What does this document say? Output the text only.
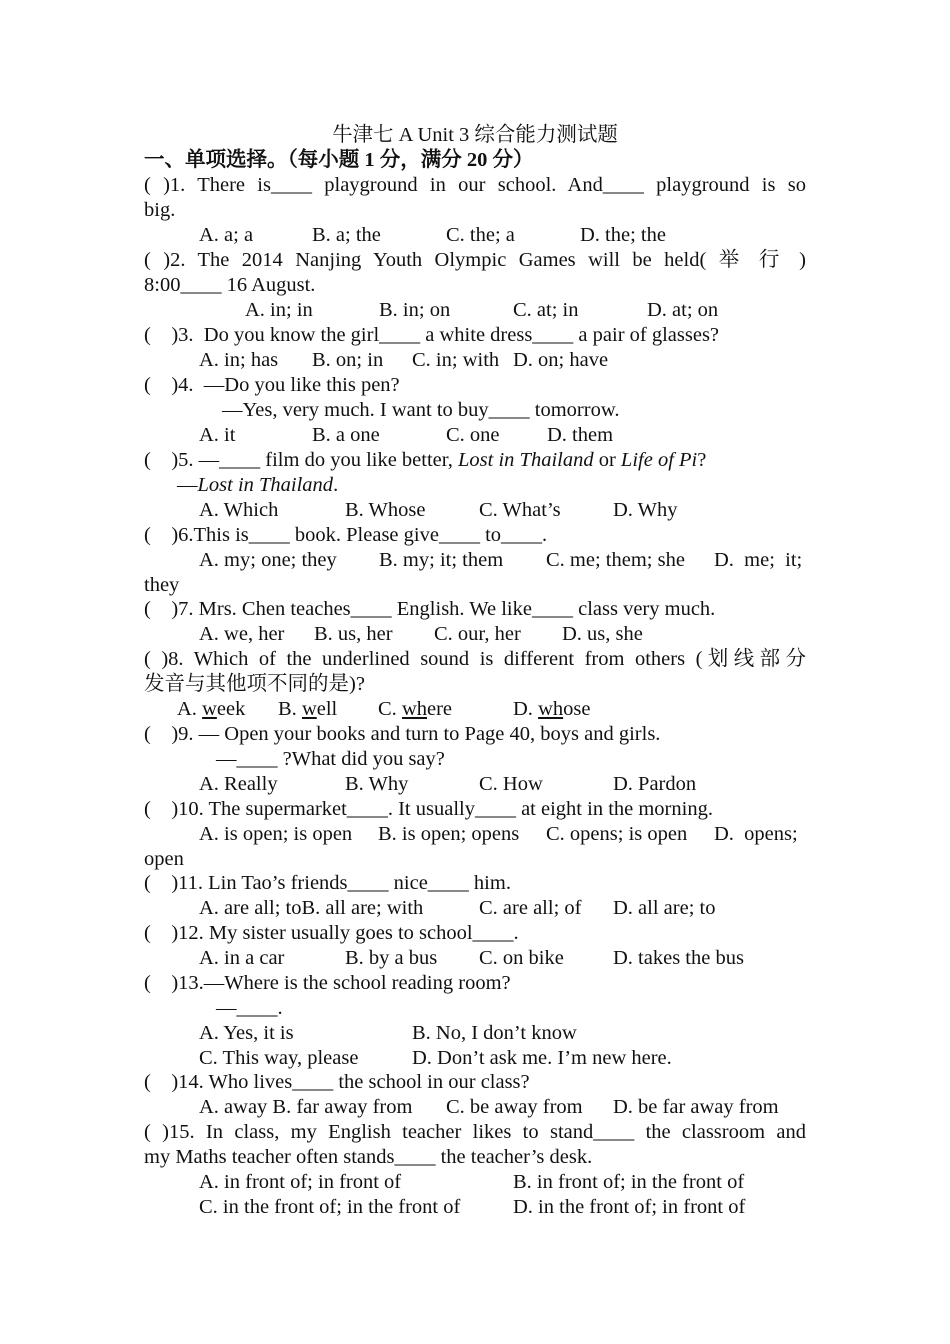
牛津七 A Unit 3 综合能力测试题
一、单项选择。（每小题 1 分，满分 20 分）
( )1. There is____ playground in our school. And____ playground is so
big.
A. a; a	B. a; the	C. the; a	D. the; the
( )2. The 2014 Nanjing Youth Olympic Games will be held( 举 行 )
8:00____ 16 August.
A. in; in	B. in; on	C. at; in	D. at; on
(    )3.  Do you know the girl____ a white dress____ a pair of glasses?
A. in; has B. on; in C. in; with D. on; have
(    )4.  —Do you like this pen?
—Yes, very much. I want to buy____ tomorrow.
A. it	B. a one	C. one D. them
(    )5. —____ film do you like better, Lost in Thailand or Life of Pi?
—Lost in Thailand.
A. Which	B. Whose	C. What’s	D. Why
(    )6.This is____ book. Please give____ to____.
A. my; one; they B. my; it; them C. me; them; she D.  me;  it;
they
(    )7. Mrs. Chen teaches____ English. We like____ class very much.
A. we, her B. us, her C. our, her D. us, she
( )8. Which of the underlined sound is different from others (划线部分
发音与其他项不同的是)?
A. week B. well C. where	D. whose
(    )9. — Open your books and turn to Page 40, boys and girls.
—____ ?What did you say?
A. Really	B. Why	C. How	D. Pardon
(    )10. The supermarket____. It usually____ at eight in the morning.
A. is open; is open B. is open; opens C. opens; is open D.  opens;
open
(    )11. Lin Tao’s friends____ nice____ him.
A. are all; toB. all are; with	C. are all; of D. all are; to
(    )12. My sister usually goes to school____.
A. in a car	B. by a bus C. on bike D. takes the bus
(    )13.—Where is the school reading room?
—____.
A. Yes, it is	B. No, I don’t know
C. This way, please	D. Don’t ask me. I’m new here.
(    )14. Who lives____ the school in our class?
A. away B. far away from C. be away from D. be far away from
( )15. In class, my English teacher likes to stand____ the classroom and
my Maths teacher often stands____ the teacher’s desk.
A. in front of; in front of	B. in front of; in the front of
C. in the front of; in the front of	D. in the front of; in front of
